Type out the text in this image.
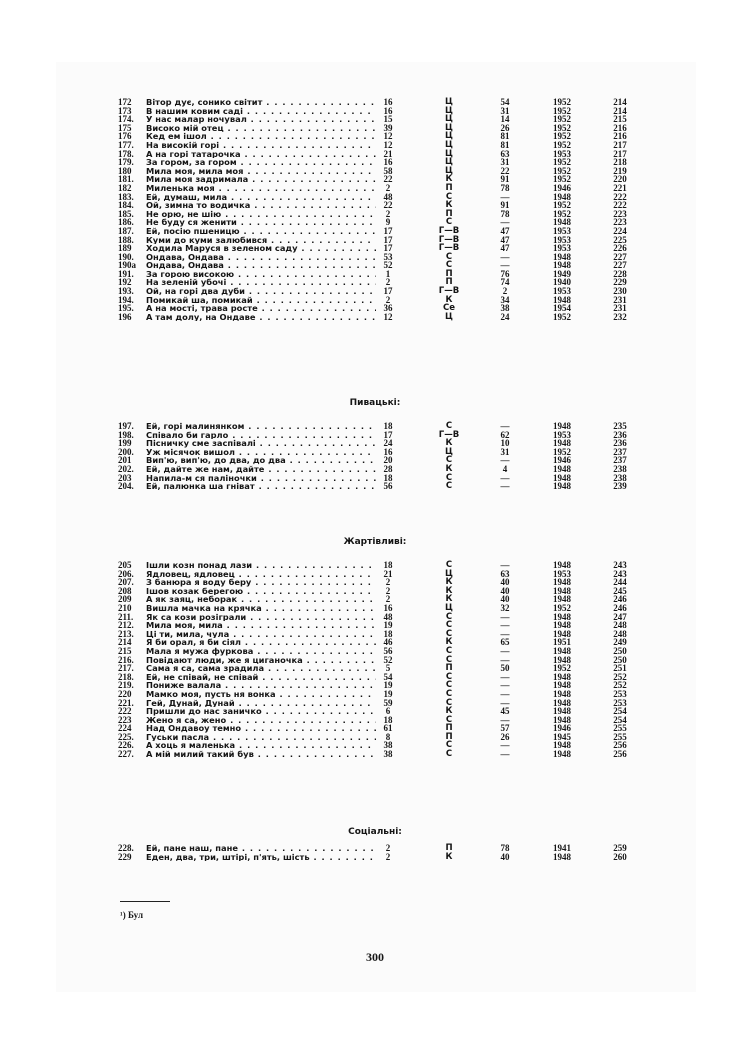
Пивацькі:
Жартівливі:
Соціальні:
172	Вітор дує, сонико світит . . .	16	Ц	54	1952	214
173	В нашим ковим саді . . .	16	Ц	31	1952	214
174.	У нас малар ночувал . . .	15	Ц	14	1952	215
175	Високо мій отец . . .	39	Ц	26	1952	216
176	Кед ем ішол . . .	12	Ц	81	1952	216
177.	На високій горі . . .	12	Ц	81	1952	217
178.	А на горі татарочка . . .	21	Ц	63	1953	217
179.	За гором, за гором . . .	16	Ц	31	1952	218
180	Мила моя, мила моя . . .	58	Ц	22	1952	219
181.	Мила моя задримала . . .	22	К	91	1952	220
182	Миленька моя . . .	2	П	78	1946	221
183.	Ей, думаш, мила . . .	48	С	—	1948	222
184.	Ой, зимна то водичка . . .	22	К	91	1952	222
185.	Не орю, не шію . . .	2	П	78	1952	223
186.	Не буду ся женити . . .	9	С	—	1948	223
187.	Ей, посію пшеницю . . .	17	Г—В	47	1953	224
188.	Куми до куми залюбився . . .	17	Г—В	47	1953	225
189	Ходила Маруся в зеленом саду . . .	17	Г—В	47	1953	226
190.	Ондава, Ондава . . .	53	С	—	1948	227
190а Ондава, Ондава . . .	52	С	—	1948	227
191.	За горою високою . . .	1	П	76	1949	228
192	На зеленій убочі . . .	2	П	74	1940	229
193.	Ой, на горі два дуби . . .	17	Г—В	2	1953	230
194.	Помикай ша, помикай . . .	2	К	34	1948	231
195.	А на мості, трава росте . . .	36	Се	38	1954	231
196	А там долу, на Ондаве . . .	12	Ц	24	1952	232
197.	Ей, горі малинянком . . .	18	С	—	1948	235
198.	Співало би гарло . . .	17	Г—В	62	1953	236
199	Пісничку сме заспівалі . . .	24	К	10	1948	236
200.	Уж місячок вишол . . .	16	Ц	31	1952	237
201	Вип'ю, вип'ю, до два, до два . . .	20	С	—	1946	237
202.	Ей, дайте же нам, дайте . . .	28	К	4	1948	238
203	Напила-м ся паліночки . . .	18	С	—	1948	238
204.	Ей, палюнка ша гніват . . .	56	С	—	1948	239
205	Ішли козн понад лази . . .	18	С	—	1948	243
206.	Ядловец, ядловец . . .	21	Ц	63	1953	243
207.	З банюра я воду беру . . .	2	К	40	1948	244
208	Ішов козак берегою . . .	2	К	40	1948	245
209	А як заяц, неборак . . .	2	К	40	1948	246
210	Вишла мачка на крячка . . .	16	Ц	32	1952	246
211.	Як са кози розіграли . . .	48	С	—	1948	247
212.	Мила моя, мила . . .	19	С	—	1948	248
213.	Ці ти, мила, чула . . .	18	С	—	1948	248
214	Я би орал, я би сіял . . .	46	К	65	1951	249
215	Мала я мужа фуркова . . .	56	С	—	1948	250
216.	Повідают люди, же я циганочка . . .	52	С	—	1948	250
217.	Сама я са, сама зрадила . . .	5	П	50	1952	251
218.	Ей, не співай, не співай . . .	54	С	—	1948	252
219.	Пониже валала . . .	19	С	—	1948	252
220	Мамко моя, пусть ня вонка . . .	19	С	—	1948	253
221.	Гей, Дунай, Дунай . . .	59	С	—	1948	253
222	Пришли до нас заничко . . .	6	К	45	1948	254
223	Жено я са, жено . . .	18	С	—	1948	254
224	Над Ондавоу темно . . .	61	П	57	1946	255
225.	Гуськи пасла . . .	8	П	26	1945	255
226.	А хоць я маленька . . .	38	С	—	1948	256
227.	А мій милий такий був . . .	38	С	—	1948	256
228.	Ей, пане наш, пане . . .	2	П	78	1941	259
229	Еден, два, три, штірі, п'ять, шість . . .	2	К	40	1948	260
¹) Бул
300
